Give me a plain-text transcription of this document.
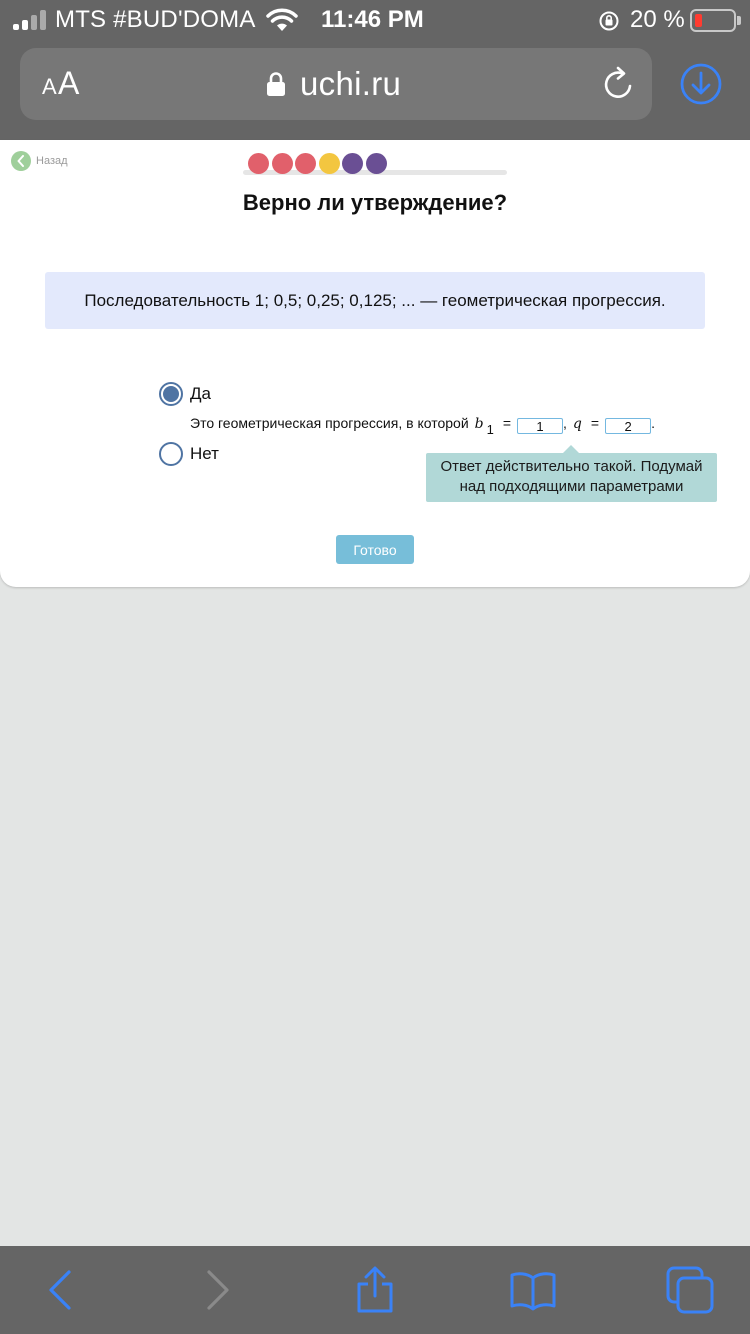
MTS #BUD'DOMA	11:46 PM	20 %
A A	uchi.ru
Назад
Верно ли утверждение?
Последовательность 1; 0,5; 0,25; 0,125; ... — геометрическая прогрессия.
Да
Это геометрическая прогрессия, в которой b 1 =
1	, q =
2	.
Нет
Ответ действительно такой. Подумай над подходящими параметрами
Готово
